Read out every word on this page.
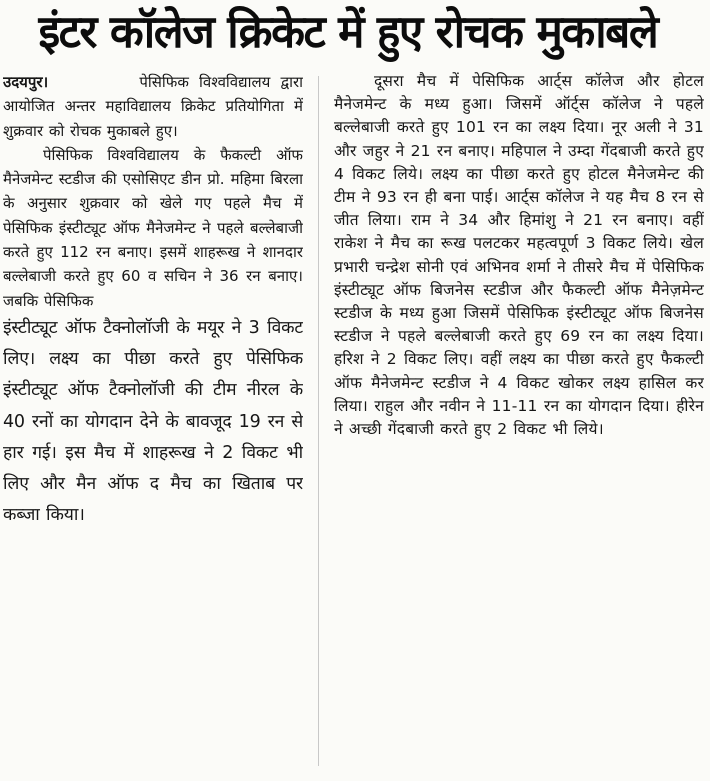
इंटर कॉलेज क्रिकेट में हुए रोचक मुकाबले

उदयपुर।	पेसिफिक विश्वविद्यालय द्वारा आयोजित अन्तर महाविद्यालय क्रिकेट प्रतियोगिता में शुक्रवार को रोचक मुकाबले हुए।

पेसिफिक विश्वविद्यालय के फैकल्टी ऑफ मैनेजमेन्ट स्टडीज की एसोसिएट डीन प्रो. महिमा बिरला के अनुसार शुक्रवार को खेले गए पहले मैच में पेसिफिक इंस्टीट्यूट ऑफ मैनेजमेन्ट ने पहले बल्लेबाजी करते हुए 112 रन बनाए। इसमें शाहरूख ने शानदार बल्लेबाजी करते हुए 60 व सचिन ने 36 रन बनाए। जबकि पेसिफिक

इंस्टीट्यूट ऑफ टैक्नोलॉजी के मयूर ने 3 विकट लिए। लक्ष्य का पीछा करते हुए पेसिफिक इंस्टीट्यूट ऑफ टैक्नोलॉजी की टीम नीरल के 40 रनों का योगदान देने के बावजूद 19 रन से हार गई। इस मैच में शाहरूख ने 2 विकट भी लिए और मैन ऑफ द मैच का खिताब पर कब्जा किया।

दूसरा मैच में पेसिफिक आर्ट्स कॉलेज और होटल मैनेजमेन्ट के मध्य हुआ। जिसमें ऑर्ट्स कॉलेज ने पहले बल्लेबाजी करते हुए 101 रन का लक्ष्य दिया। नूर अली ने 31 और जहुर ने 21 रन बनाए। महिपाल ने उम्दा गेंदबाजी करते हुए 4 विकट लिये। लक्ष्य का पीछा करते हुए होटल मैनेजमेन्ट की टीम ने 93 रन ही बना पाई। आर्ट्स कॉलेज ने यह मैच 8 रन से जीत लिया। राम ने 34 और हिमांशु ने 21 रन बनाए। वहीं राकेश ने मैच का रूख पलटकर महत्वपूर्ण 3 विकट लिये। खेल प्रभारी चन्द्रेश सोनी एवं अभिनव शर्मा ने तीसरे मैच में पेसिफिक इंस्टीट्यूट ऑफ बिजनेस स्टडीज और फैकल्टी ऑफ मैनेज़मेन्ट स्टडीज के मध्य हुआ जिसमें पेसिफिक इंस्टीट्यूट ऑफ बिजनेस स्टडीज ने पहले बल्लेबाजी करते हुए 69 रन का लक्ष्य दिया। हरिश ने 2 विकट लिए। वहीं लक्ष्य का पीछा करते हुए फैकल्टी ऑफ मैनेजमेन्ट स्टडीज ने 4 विकट खोकर लक्ष्य हासिल कर लिया। राहुल और नवीन ने 11-11 रन का योगदान दिया। हीरेन ने अच्छी गेंदबाजी करते हुए 2 विकट भी लिये।
